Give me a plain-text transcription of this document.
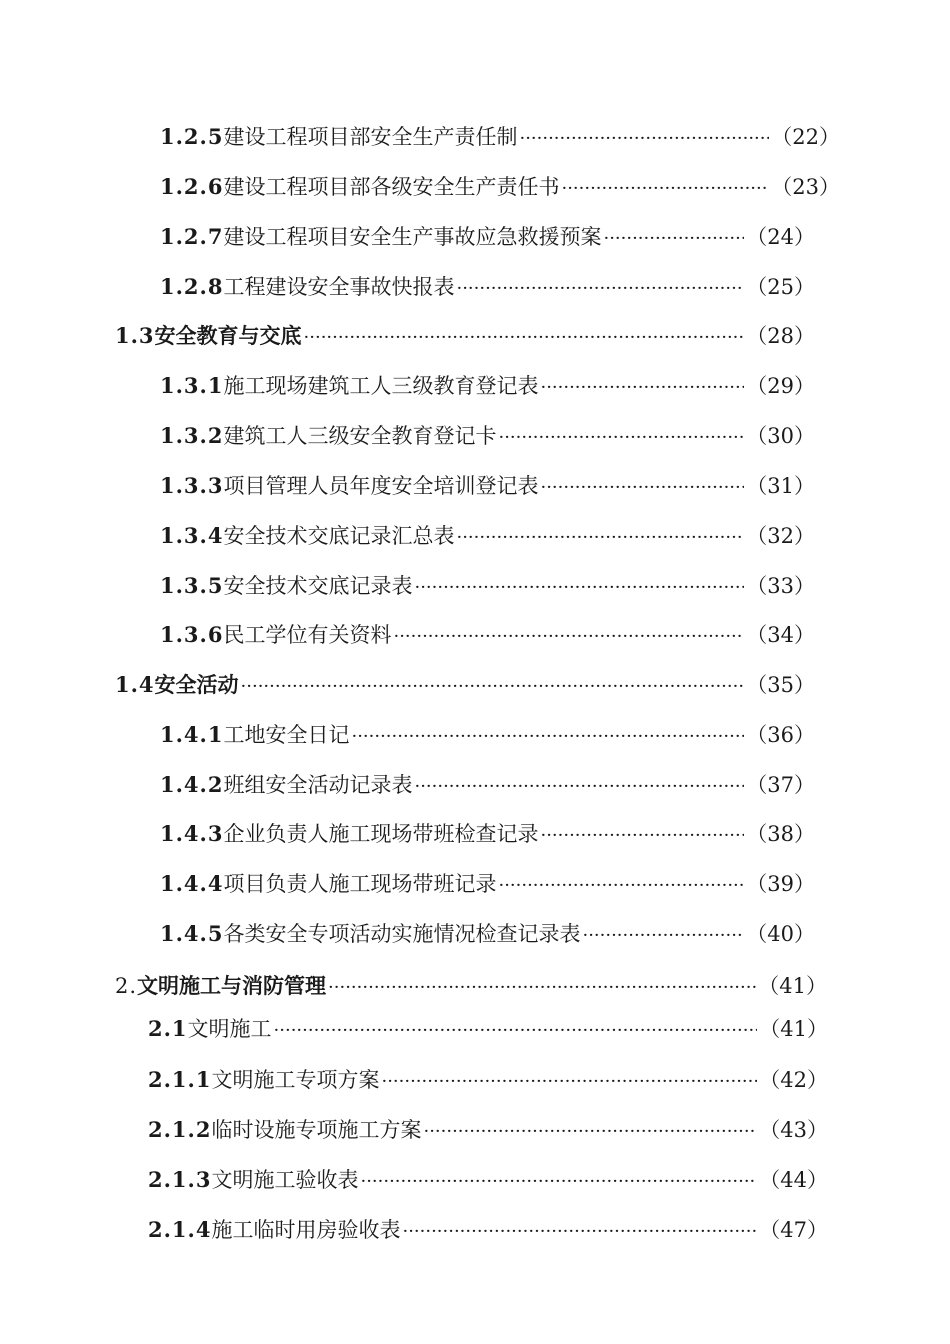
1.2.5 建设工程项目部安全生产责任制 ·····	（22）
1.2.6 建设工程项目部各级安全生产责任书 ·····	（23）
1.2.7 建设工程项目安全生产事故应急救援预案 ·····	（24）
1.2.8 工程建设安全事故快报表 ·····	（25）
1.3 安全教育与交底 ·····	（28）
1.3.1 施工现场建筑工人三级教育登记表 ·····	（29）
1.3.2 建筑工人三级安全教育登记卡 ·····	（30）
1.3.3 项目管理人员年度安全培训登记表 ·····	（31）
1.3.4 安全技术交底记录汇总表 ·····	（32）
1.3.5 安全技术交底记录表 ·····	（33）
1.3.6 民工学位有关资料 ·····	（34）
1.4 安全活动 ·····	（35）
1.4.1 工地安全日记 ·····	（36）
1.4.2 班组安全活动记录表 ·····	（37）
1.4.3 企业负责人施工现场带班检查记录 ·····	（38）
1.4.4 项目负责人施工现场带班记录 ·····	（39）
1.4.5 各类安全专项活动实施情况检查记录表 ·····	（40）
2. 文明施工与消防管理 ·····	（41）
2.1 文明施工 ·····	（41）
2.1.1 文明施工专项方案 ·····	（42）
2.1.2 临时设施专项施工方案 ·····	（43）
2.1.3 文明施工验收表 ·····	（44）
2.1.4 施工临时用房验收表 ·····	（47）
